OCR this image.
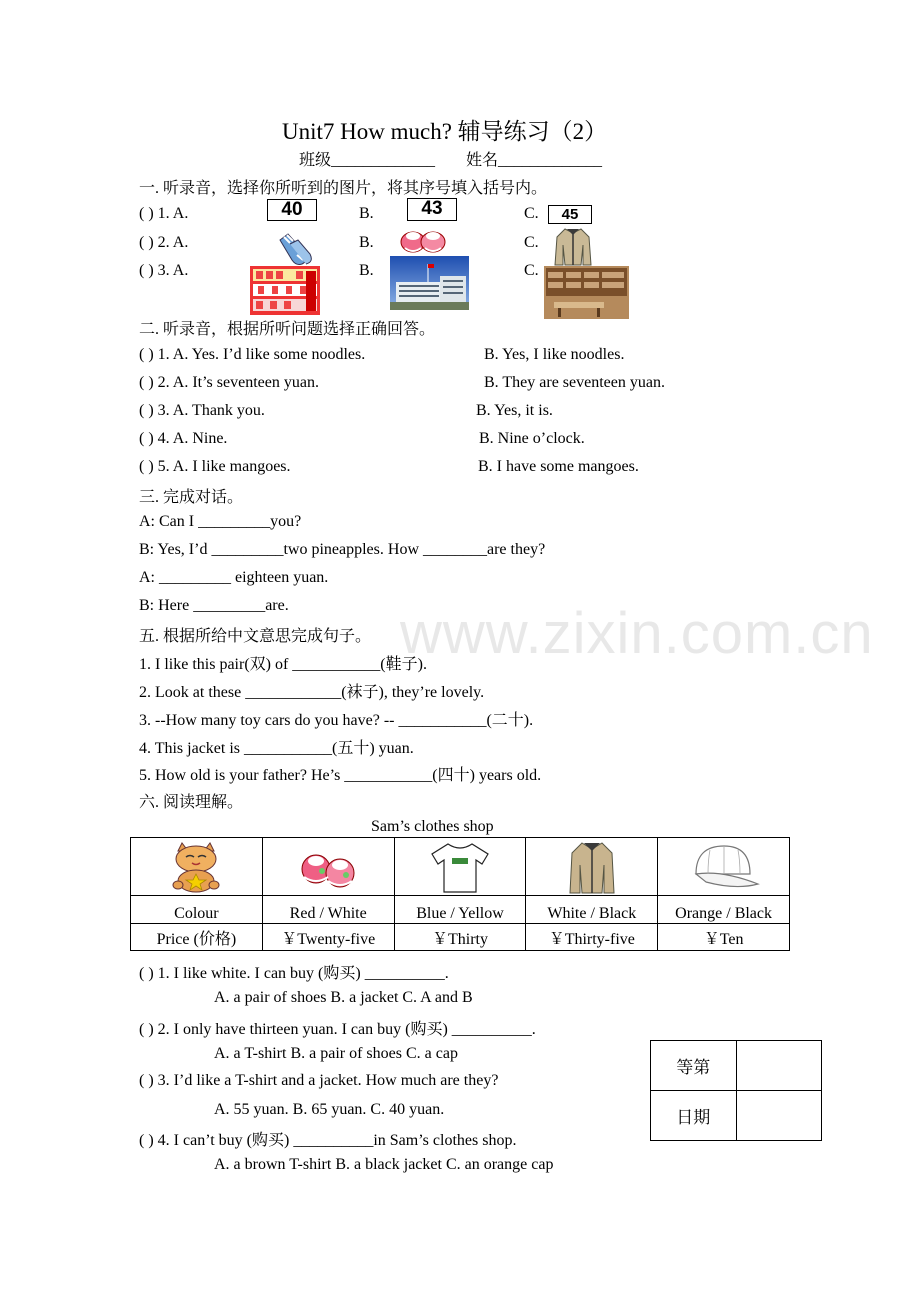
www.zixin.com.cn
Unit7 How much? 辅导练习（2）
班级_____________ 姓名_____________
一. 听录音，选择你所听到的图片，将其序号填入括号内。
( ) 1. A.	B.	C.
40	43	45
( ) 2. A.	B.	C.
( ) 3. A.	B.	C.
二. 听录音，根据所听问题选择正确回答。
( ) 1. A. Yes. I’d like some noodles.	B. Yes, I like noodles.
( ) 2. A. It’s seventeen yuan.	B. They are seventeen yuan.
( ) 3. A. Thank you.	B. Yes, it is.
( ) 4. A. Nine.	B. Nine o’clock.
( ) 5. A. I like mangoes.	B. I have some mangoes.
三. 完成对话。
A: Can I _________you?
B: Yes, I’d _________two pineapples. How ________are they?
A: _________ eighteen yuan.
B: Here _________are.
五. 根据所给中文意思完成句子。
1. I like this pair(双) of ___________(鞋子).
2. Look at these ____________(袜子), they’re lovely.
3. --How many toy cars do you have? -- ___________(二十).
4. This jacket is ___________(五十) yuan.
5. How old is your father? He’s ___________(四十) years old.
六. 阅读理解。
Sam’s clothes shop

Colour	Red / White	Blue / Yellow	White / Black	Orange / Black
Price (价格)	￥Twenty-five	￥Thirty	￥Thirty-five	￥Ten
( ) 1. I like white. I can buy (购买) __________.
A. a pair of shoes B. a jacket C. A and B
( ) 2. I only have thirteen yuan. I can buy (购买) __________.
A. a T-shirt B. a pair of shoes C. a cap
( ) 3. I’d like a T-shirt and a jacket. How much are they?
A. 55 yuan. B. 65 yuan. C. 40 yuan.
( ) 4. I can’t buy (购买) __________in Sam’s clothes shop.
A. a brown T-shirt B. a black jacket C. an orange cap
等第	
日期	
